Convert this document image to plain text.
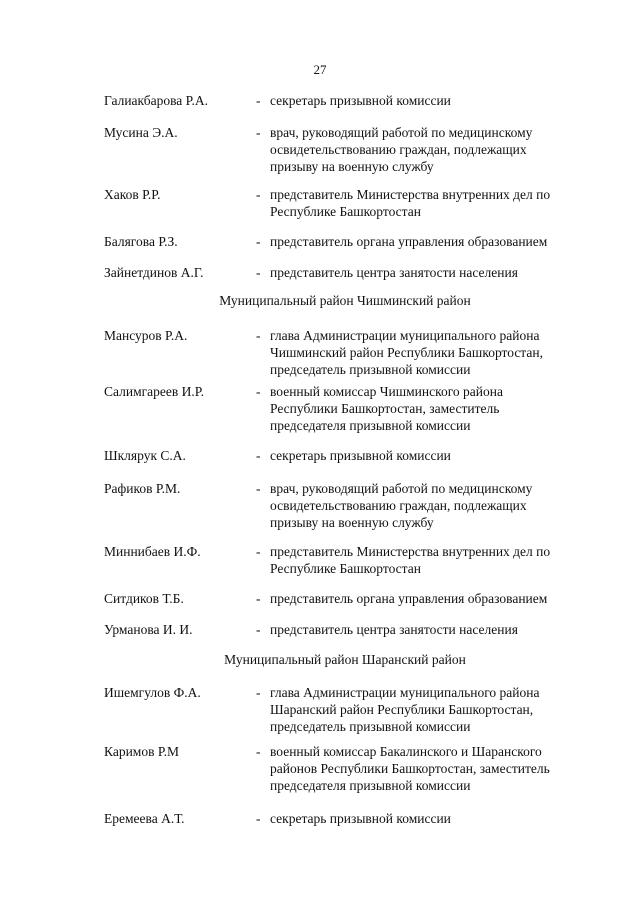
27
Галиакбарова Р.А.	- секретарь призывной комиссии
Мусина Э.А.	- врач, руководящий работой по медицинскому
освидетельствованию граждан, подлежащих
призыву на военную службу
Хаков Р.Р.	- представитель Министерства внутренних дел по
Республике Башкортостан
Балягова Р.З.	- представитель органа управления образованием
Зайнетдинов А.Г.	- представитель центра занятости населения
Муниципальный район Чишминский район
Мансуров Р.А.	- глава Администрации муниципального района
Чишминский район Республики Башкортостан,
председатель призывной комиссии
Салимгареев И.Р.	- военный комиссар Чишминского района
Республики Башкортостан, заместитель
председателя призывной комиссии
Шклярук С.А.	- секретарь призывной комиссии
Рафиков Р.М.	- врач, руководящий работой по медицинскому
освидетельствованию граждан, подлежащих
призыву на военную службу
Миннибаев И.Ф.	- представитель Министерства внутренних дел по
Республике Башкортостан
Ситдиков Т.Б.	- представитель органа управления образованием
Урманова И. И.	- представитель центра занятости населения
Муниципальный район Шаранский район
Ишемгулов Ф.А.	- глава Администрации муниципального района
Шаранский район Республики Башкортостан,
председатель призывной комиссии
Каримов Р.М	- военный комиссар Бакалинского и Шаранского
районов Республики Башкортостан, заместитель
председателя призывной комиссии
Еремеева А.Т.	- секретарь призывной комиссии
